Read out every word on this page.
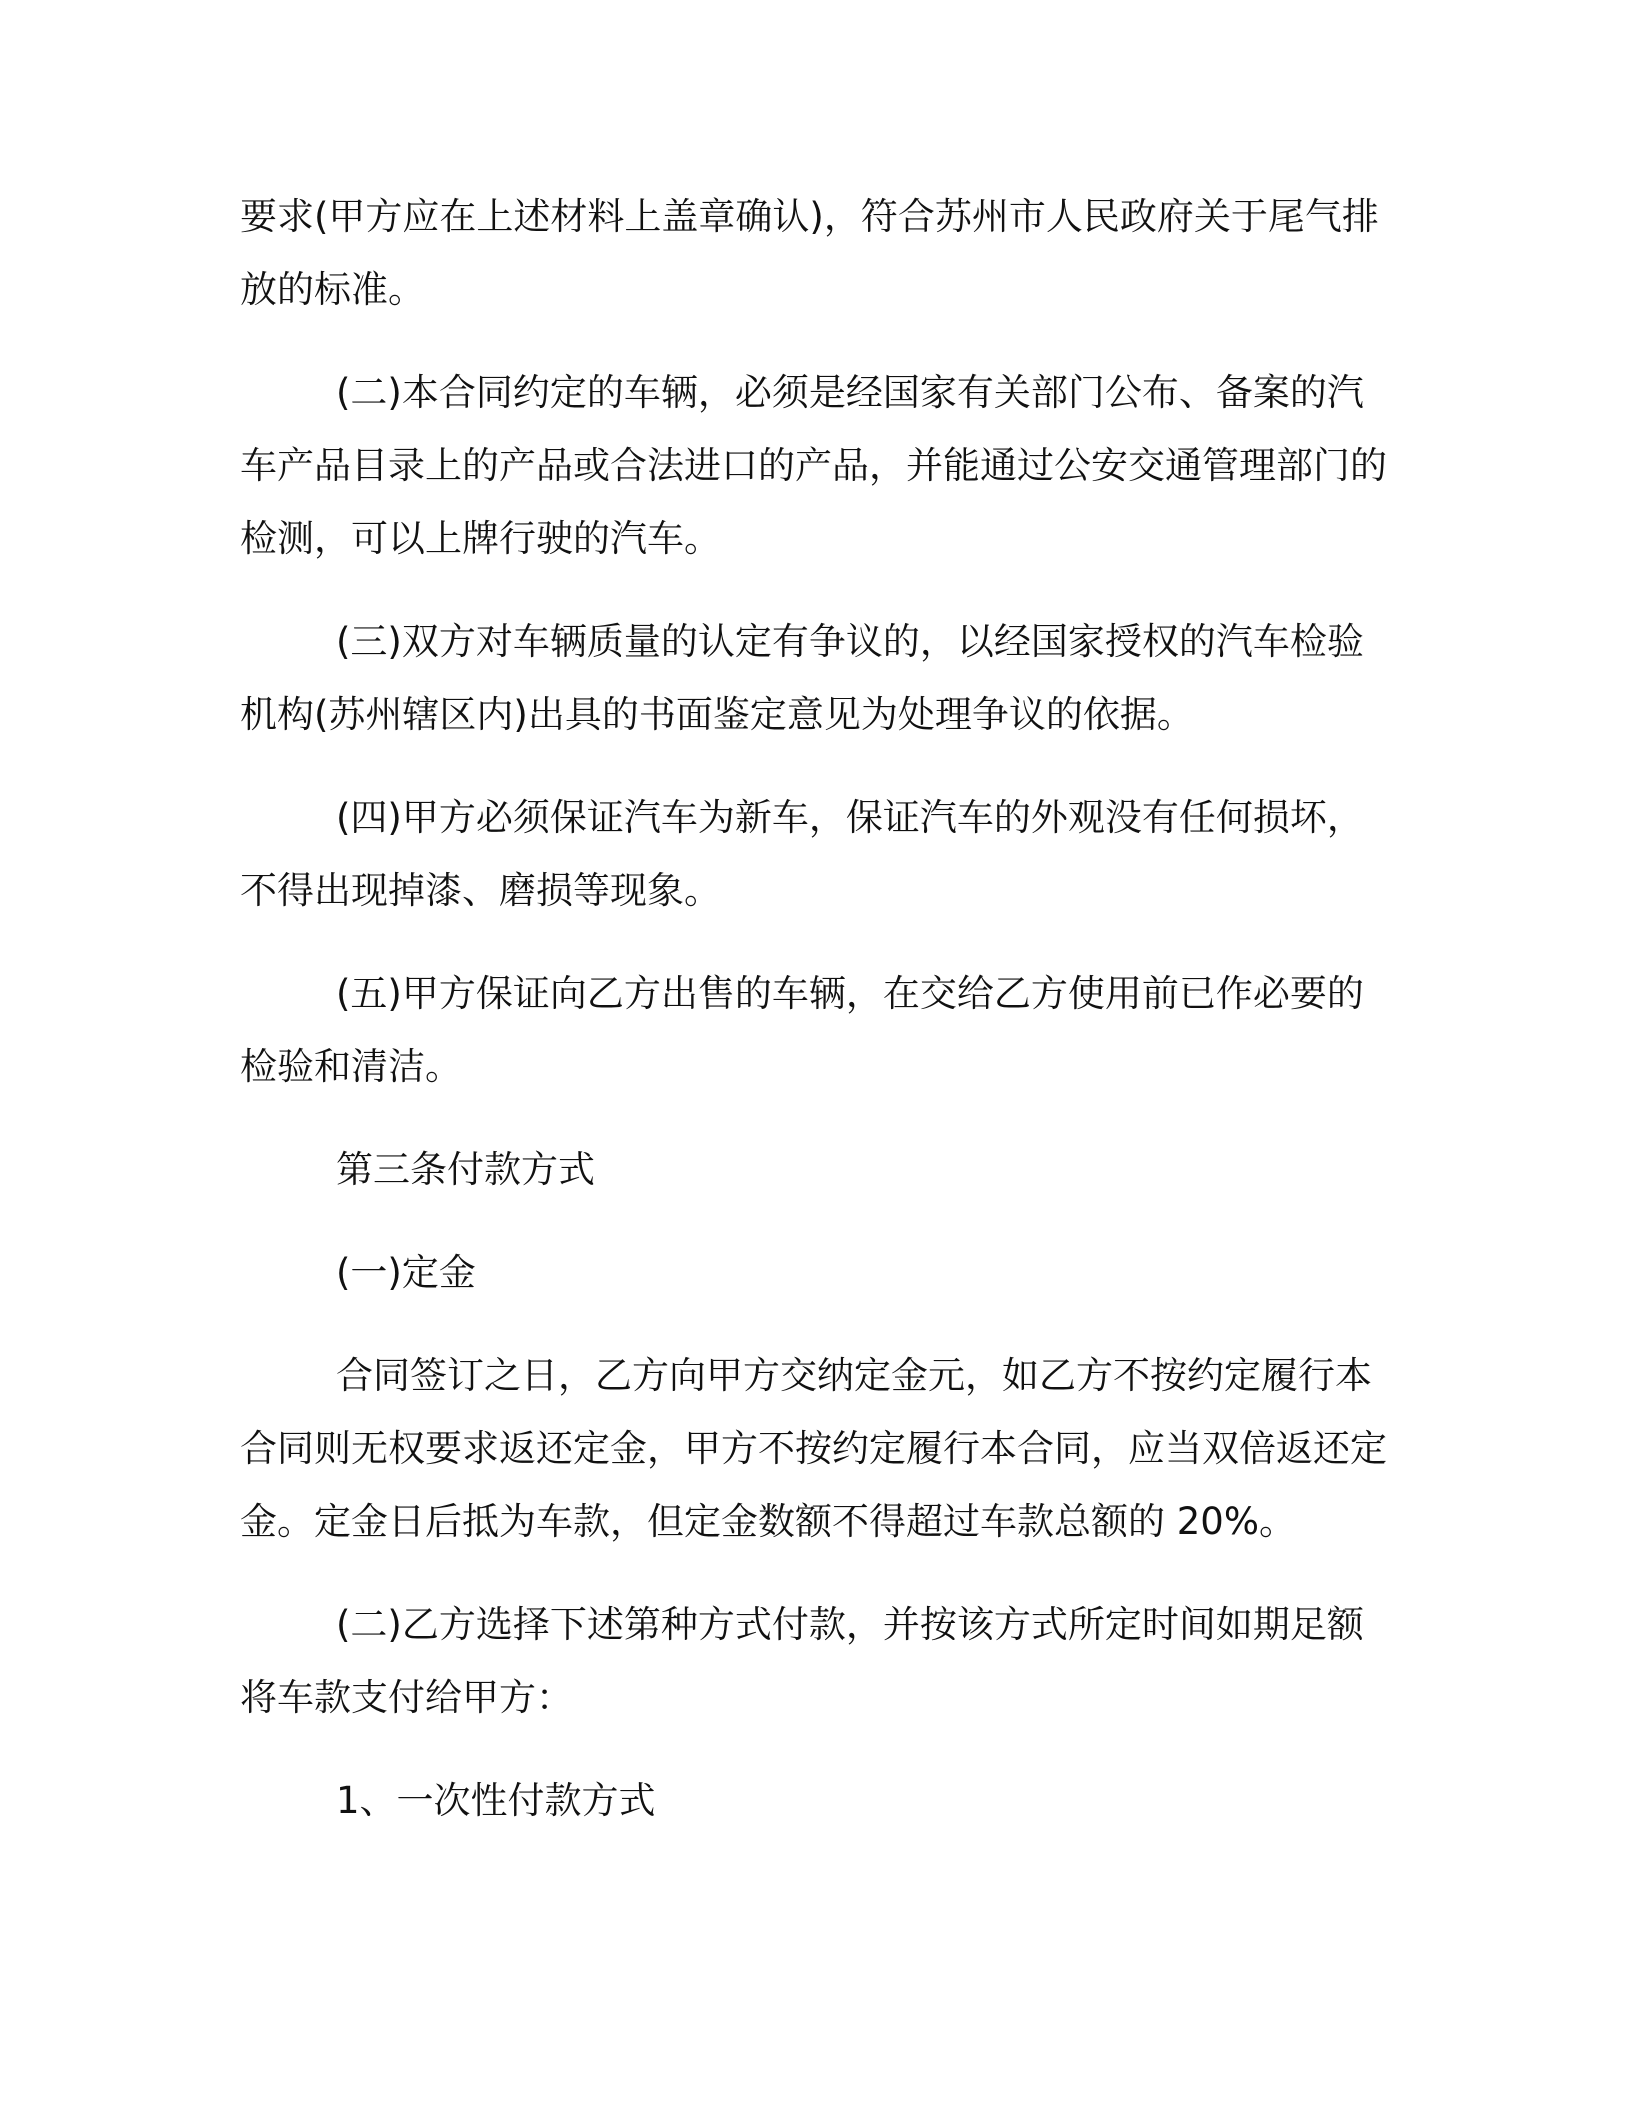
要求(甲方应在上述材料上盖章确认)，符合苏州市人民政府关于尾气排放的标准。

(二)本合同约定的车辆，必须是经国家有关部门公布、备案的汽车产品目录上的产品或合法进口的产品，并能通过公安交通管理部门的检测，可以上牌行驶的汽车。

(三)双方对车辆质量的认定有争议的，以经国家授权的汽车检验机构(苏州辖区内)出具的书面鉴定意见为处理争议的依据。

(四)甲方必须保证汽车为新车，保证汽车的外观没有任何损坏，不得出现掉漆、磨损等现象。

(五)甲方保证向乙方出售的车辆，在交给乙方使用前已作必要的检验和清洁。

第三条付款方式

(一)定金

合同签订之日，乙方向甲方交纳定金元，如乙方不按约定履行本合同则无权要求返还定金，甲方不按约定履行本合同，应当双倍返还定金。定金日后抵为车款，但定金数额不得超过车款总额的 20%。

(二)乙方选择下述第种方式付款，并按该方式所定时间如期足额将车款支付给甲方：

1、一次性付款方式
